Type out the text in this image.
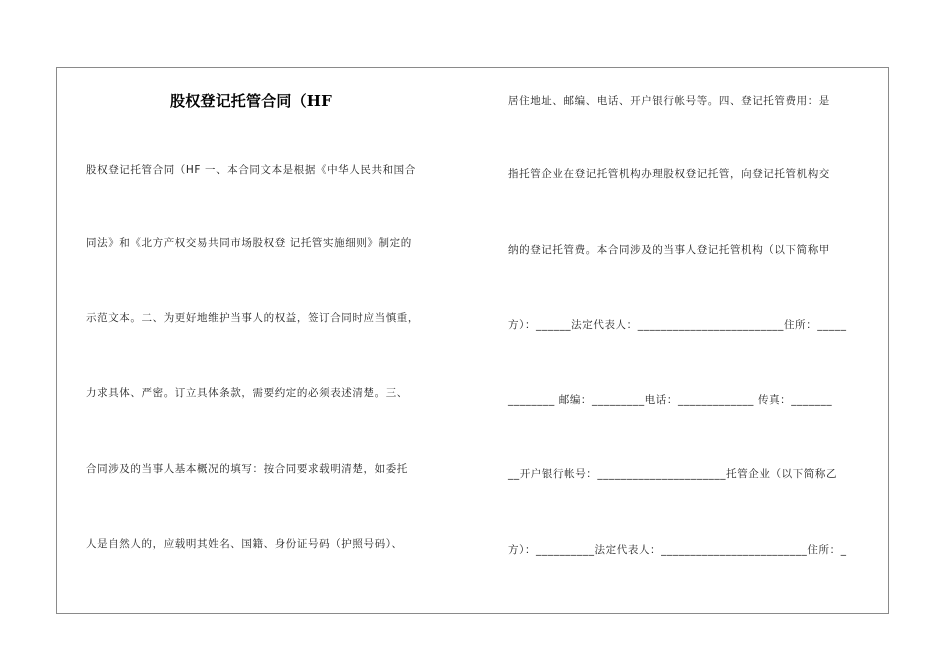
股权登记托管合同（HF
股权登记托管合同（HF 一、本合同文本是根据《中华人民共和国合
同法》和《北方产权交易共同市场股权登 记托管实施细则》制定的
示范文本。二、为更好地维护当事人的权益，签订合同时应当慎重，
力求具体、严密。订立具体条款，需要约定的必须表述清楚。三、
合同涉及的当事人基本概况的填写：按合同要求载明清楚，如委托
人是自然人的，应载明其姓名、国籍、身份证号码（护照号码）、
居住地址、邮编、电话、开户银行帐号等。四、登记托管费用：是
指托管企业在登记托管机构办理股权登记托管，向登记托管机构交
纳的登记托管费。本合同涉及的当事人登记托管机构（以下简称甲
方）：______法定代表人：_________________________住所：_____
________ 邮编：_________电话：_____________ 传真：_______
__开户银行帐号：______________________托管企业（以下简称乙
方）：__________法定代表人：_________________________住所：_
